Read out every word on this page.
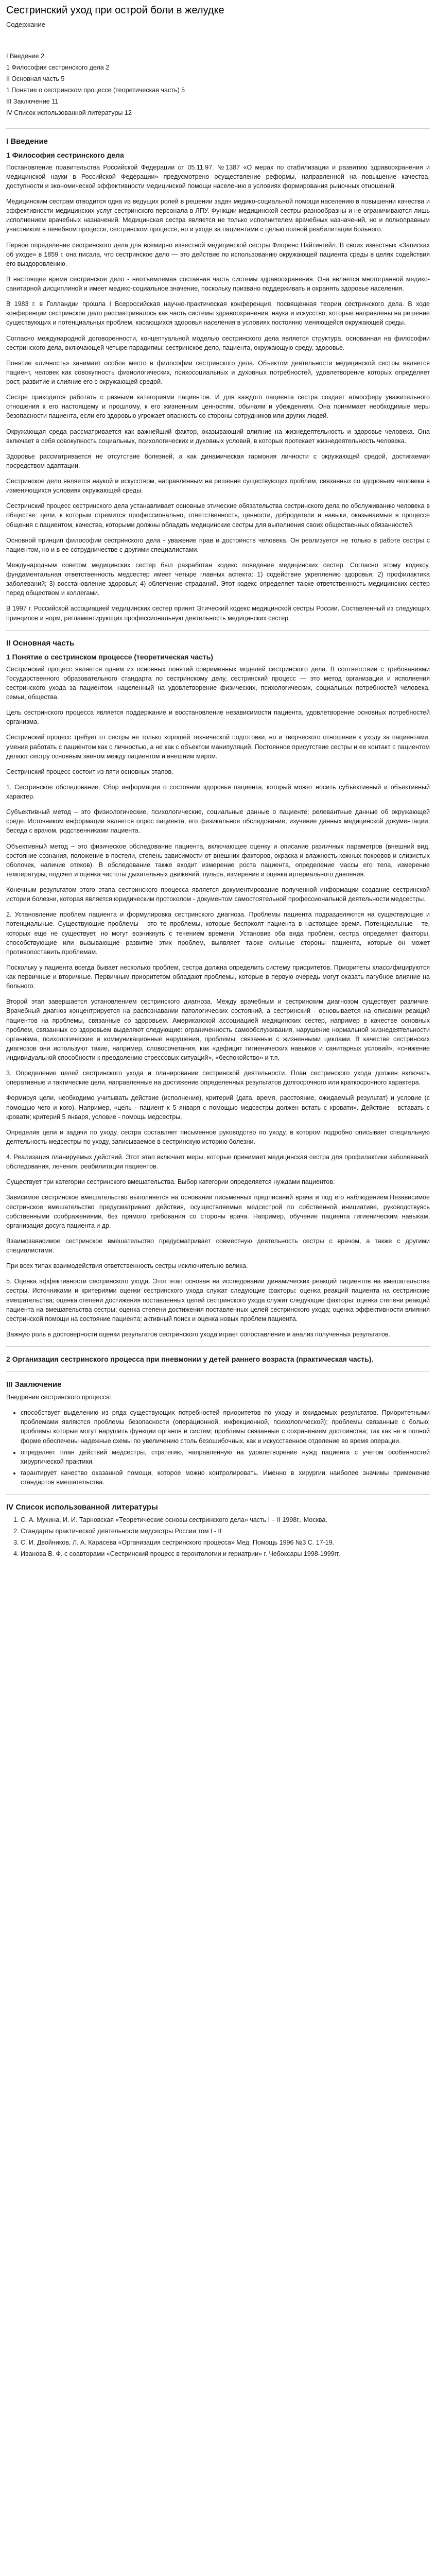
Сестринский уход при острой боли в желудке
Содержание
I Введение 2
1 Философия сестринского дела 2
II Основная часть 5
1 Понятие о сестринском процессе (теоретическая часть) 5
III Заключение 11
IV Список использованной литературы 12
I Введение
1 Философия сестринского дела

Постановление правительства Российской Федерации от 05.11.97. №1387 «О мерах по стабилизации и развитию здравоохранения и медицинской науки в Российской Федерации» предусмотрено осуществление реформы, направленной на повышение качества, доступности и экономической эффективности медицинской помощи населению в условиях формирования рыночных отношений.

Медицинским сестрам отводится одна из ведущих ролей в решении задач медико-социальной помощи населению в повышении качества и эффективности медицинских услуг сестринского персонала в ЛПУ. Функции медицинской сестры разнообразны и не ограничиваются лишь исполнением врачебных назначений. Медицинская сестра является не только исполнителем врачебных назначений, но и полноправным участником в лечебном процессе, сестринском процессе, но и уходе за пациентами с целью полной реабилитации больного.

Первое определение сестринского дела для всемирно известной медицинской сестры Флоренс Найтингейл. В своих известных «Записках об уходе» в 1859 г. она писала, что сестринское дело — это действие по использованию окружающей пациента среды в целях содействия его выздоровлению.

В настоящее время сестринское дело - неотъемлемая составная часть системы здравоохранения. Она является многогранной медико-санитарной дисциплиной и имеет медико-социальное значение, поскольку призвано поддерживать и охранять здоровье населения.

В 1983 г. в Голландии прошла I Всероссийская научно-практическая конференция, посвященная теории сестринского дела. В ходе конференции сестринское дело рассматривалось как часть системы здравоохранения, наука и искусство, которые направлены на решение существующих и потенциальных проблем, касающихся здоровья населения в условиях постоянно меняющейся окружающей среды.

Согласно международной договоренности, концептуальной моделью сестринского дела является структура, основанная на философии сестринского дела, включающей четыре парадигмы: сестринское дело, пациента, окружающую среду, здоровье.

Понятие «личность» занимает особое место в философии сестринского дела. Объектом деятельности медицинской сестры является пациент, человек как совокупность физиологических, психосоциальных и духовных потребностей, удовлетворение которых определяет рост, развитие и слияние его с окружающей средой.

Сестре приходится работать с разными категориями пациентов. И для каждого пациента сестра создает атмосферу уважительного отношения к его настоящему и прошлому, к его жизненным ценностям, обычаям и убеждениям. Она принимает необходимые меры безопасности пациента, если его здоровью угрожает опасность со стороны сотрудников или других людей.

Окружающая среда рассматривается как важнейший фактор, оказывающий влияние на жизнедеятельность и здоровье человека. Она включает в себя совокупность социальных, психологических и духовных условий, в которых протекает жизнедеятельность человека.

Здоровье рассматривается не отсутствие болезней, а как динамическая гармония личности с окружающей средой, достигаемая посредством адаптации.

Сестринское дело является наукой и искусством, направленным на решение существующих проблем, связанных со здоровьем человека в изменяющихся условиях окружающей среды.

Сестринский процесс сестринского дела устанавливает основные этические обязательства сестринского дела по обслуживанию человека в обществе: цели, к которым стремится профессионально, ответственность, ценности, добродетели и навыки, оказываемые в процессе общения с пациентом, качества, которыми должны обладать медицинские сестры для выполнения своих общественных обязанностей.

Основной принцип философии сестринского дела - уважение прав и достоинств человека. Он реализуется не только в работе сестры с пациентом, но и в ее сотрудничестве с другими специалистами.

Международным советом медицинских сестер был разработан кодекс поведения медицинских сестер. Согласно этому кодексу, фундаментальная ответственность медсестер имеет четыре главных аспекта: 1) содействие укреплению здоровья; 2) профилактика заболеваний; 3) восстановление здоровья; 4) облегчение страданий. Этот кодекс определяет также ответственность медицинских сестер перед обществом и коллегами.

В 1997 г. Российской ассоциацией медицинских сестер принят Этический кодекс медицинской сестры России. Составленный из следующих принципов и норм, регламентирующих профессиональную деятельность медицинских сестер.

II Основная часть
1 Понятие о сестринском процессе (теоретическая часть)

Сестринский процесс является одним из основных понятий современных моделей сестринского дела. В соответствии с требованиями Государственного образовательного стандарта по сестринскому делу, сестринский процесс — это метод организации и исполнения сестринского ухода за пациентом, нацеленный на удовлетворение физических, психологических, социальных потребностей человека, семьи, общества.

Цель сестринского процесса является поддержание и восстановление независимости пациента, удовлетворение основных потребностей организма.

Сестринский процесс требует от сестры не только хорошей технической подготовки, но и творческого отношения к уходу за пациентами, умения работать с пациентом как с личностью, а не как с объектом манипуляций. Постоянное присутствие сестры и ее контакт с пациентом делают сестру основным звеном между пациентом и внешним миром.

Сестринский процесс состоит из пяти основных этапов.

1. Сестринское обследование. Сбор информации о состоянии здоровья пациента, который может носить субъективный и объективный характер.

Субъективный метод – это физиологические, психологические, социальные данные о пациенте; релевантные данные об окружающей среде. Источником информации является опрос пациента, его физикальное обследование, изучение данных медицинской документации, беседа с врачом, родственниками пациента.

Объективный метод – это физическое обследование пациента, включающее оценку и описание различных параметров (внешний вид, состояние сознания, положение в постели, степень зависимости от внешних факторов, окраска и влажность кожных покровов и слизистых оболочек, наличие отеков). В обследование также входит измерение роста пациента, определение массы его тела, измерение температуры, подсчет и оценка частоты дыхательных движений, пульса, измерение и оценка артериального давления.

Конечным результатом этого этапа сестринского процесса является документирование полученной информации создание сестринской истории болезни, которая является юридическим протоколом - документом самостоятельной профессиональной деятельности медсестры.

2. Установление проблем пациента и формулировка сестринского диагноза. Проблемы пациента подразделяются на существующие и потенциальные. Существующие проблемы - это те проблемы, которые беспокоят пациента в настоящее время. Потенциальные - те, которых еще не существует, но могут возникнуть с течением времени. Установив оба вида проблем, сестра определяет факторы, способствующие или вызывающие развитие этих проблем, выявляет также сильные стороны пациента, которые он может противопоставить проблемам.

Поскольку у пациента всегда бывает несколько проблем, сестра должна определить систему приоритетов. Приоритеты классифицируются как первичные и вторичные. Первичным приоритетом обладают проблемы, которые в первую очередь могут оказать пагубное влияние на больного.

Второй этап завершается установлением сестринского диагноза. Между врачебным и сестринским диагнозом существует различие. Врачебный диагноз концентрируется на распознавании патологических состояний, а сестринский - основывается на описании реакций пациентов на проблемы, связанные со здоровьем. Американской ассоциацией медицинских сестер, например в качестве основных проблем, связанных со здоровьем выделяют следующие: ограниченность самообслуживания, нарушение нормальной жизнедеятельности организма, психологические и коммуникационные нарушения, проблемы, связанные с жизненными циклами. В качестве сестринских диагнозов они используют такие, например, словосочетания, как «дефицит гигиенических навыков и санитарных условий», «снижение индивидуальной способности к преодолению стрессовых ситуаций», «беспокойство» и т.п.

3. Определение целей сестринского ухода и планирование сестринской деятельности. План сестринского ухода должен включать оперативные и тактические цели, направленные на достижение определенных результатов долгосрочного или краткосрочного характера.

Формируя цели, необходимо учитывать действие (исполнение), критерий (дата, время, расстояние, ожидаемый результат) и условие (с помощью чего и кого). Например, «цель - пациент к 5 января с помощью медсестры должен встать с кровати». Действие - вставать с кровати; критерий 5 января, условие - помощь медсестры.

Определив цели и задачи по уходу, сестра составляет письменное руководство по уходу, в котором подробно описывает специальную деятельность медсестры по уходу, записываемое в сестринскую историю болезни.

4. Реализация планируемых действий. Этот этап включает меры, которые принимает медицинская сестра для профилактики заболеваний, обследования, лечения, реабилитации пациентов.

Существует три категории сестринского вмешательства. Выбор категории определяется нуждами пациентов.

Зависимое сестринское вмешательство выполняется на основании письменных предписаний врача и под его наблюдением.Независимое сестринское вмешательство предусматривает действия, осуществляемые медсестрой по собственной инициативе, руководствуясь собственными соображениями, без прямого требования со стороны врача. Например, обучение пациента гигиеническим навыкам, организация досуга пациента и др.

Взаимозависимое сестринское вмешательство предусматривает совместную деятельность сестры с врачом, а также с другими специалистами.

При всех типах взаимодействия ответственность сестры исключительно велика.

5. Оценка эффективности сестринского ухода. Этот этап основан на исследовании динамических реакций пациентов на вмешательства сестры. Источниками и критериями оценки сестринского ухода служат следующие факторы: оценка реакций пациента на сестринские вмешательства; оценка степени достижения поставленных целей сестринского ухода служит следующие факторы: оценка степени реакций пациента на вмешательства сестры; оценка степени достижения поставленных целей сестринского ухода; оценка эффективности влияния сестринской помощи на состояние пациента; активный поиск и оценка новых проблем пациента.

Важную роль в достоверности оценки результатов сестринского ухода играет сопоставление и анализ полученных результатов.

2 Организация сестринского процесса при пневмонии у детей раннего возраста (практическая часть).
III Заключение

Внедрение сестринского процесса:

• способствует выделению из ряда существующих потребностей приоритетов по уходу и ожидаемых результатов. Приоритетными проблемами являются проблемы безопасности (операционной, инфекционной, психологической); проблемы связанные с болью; проблемы которые могут нарушить функции органов и систем; проблемы связанные с сохранением достоинства; так как не в полной форме обеспечены надежные схемы по увеличению столь безошибочных, как и искусственное отделение во время операции.
• определяет план действий медсестры, стратегию, направленную на удовлетворение нужд пациента с учетом особенностей хирургической практики.
• гарантирует качество оказанной помощи, которое можно контролировать. Именно в хирургии наиболее значимы применение стандартов вмешательства.
IV Список использованной литературы
1. С. А. Мухина, И. И. Тарновская «Теоретические основы сестринского дела» часть I – II 1998г., Москва.
2. Стандарты практической деятельности медсестры России том I - II
3. С. И. Двойников, Л. А. Карасева «Организация сестринского процесса» Мед. Помощь 1996 №3 С. 17-19.
4. Иванова В. Ф. с соавторами «Сестринский процесс в геронтологии и гериатрии» г. Чебоксары 1998-1999гг.
